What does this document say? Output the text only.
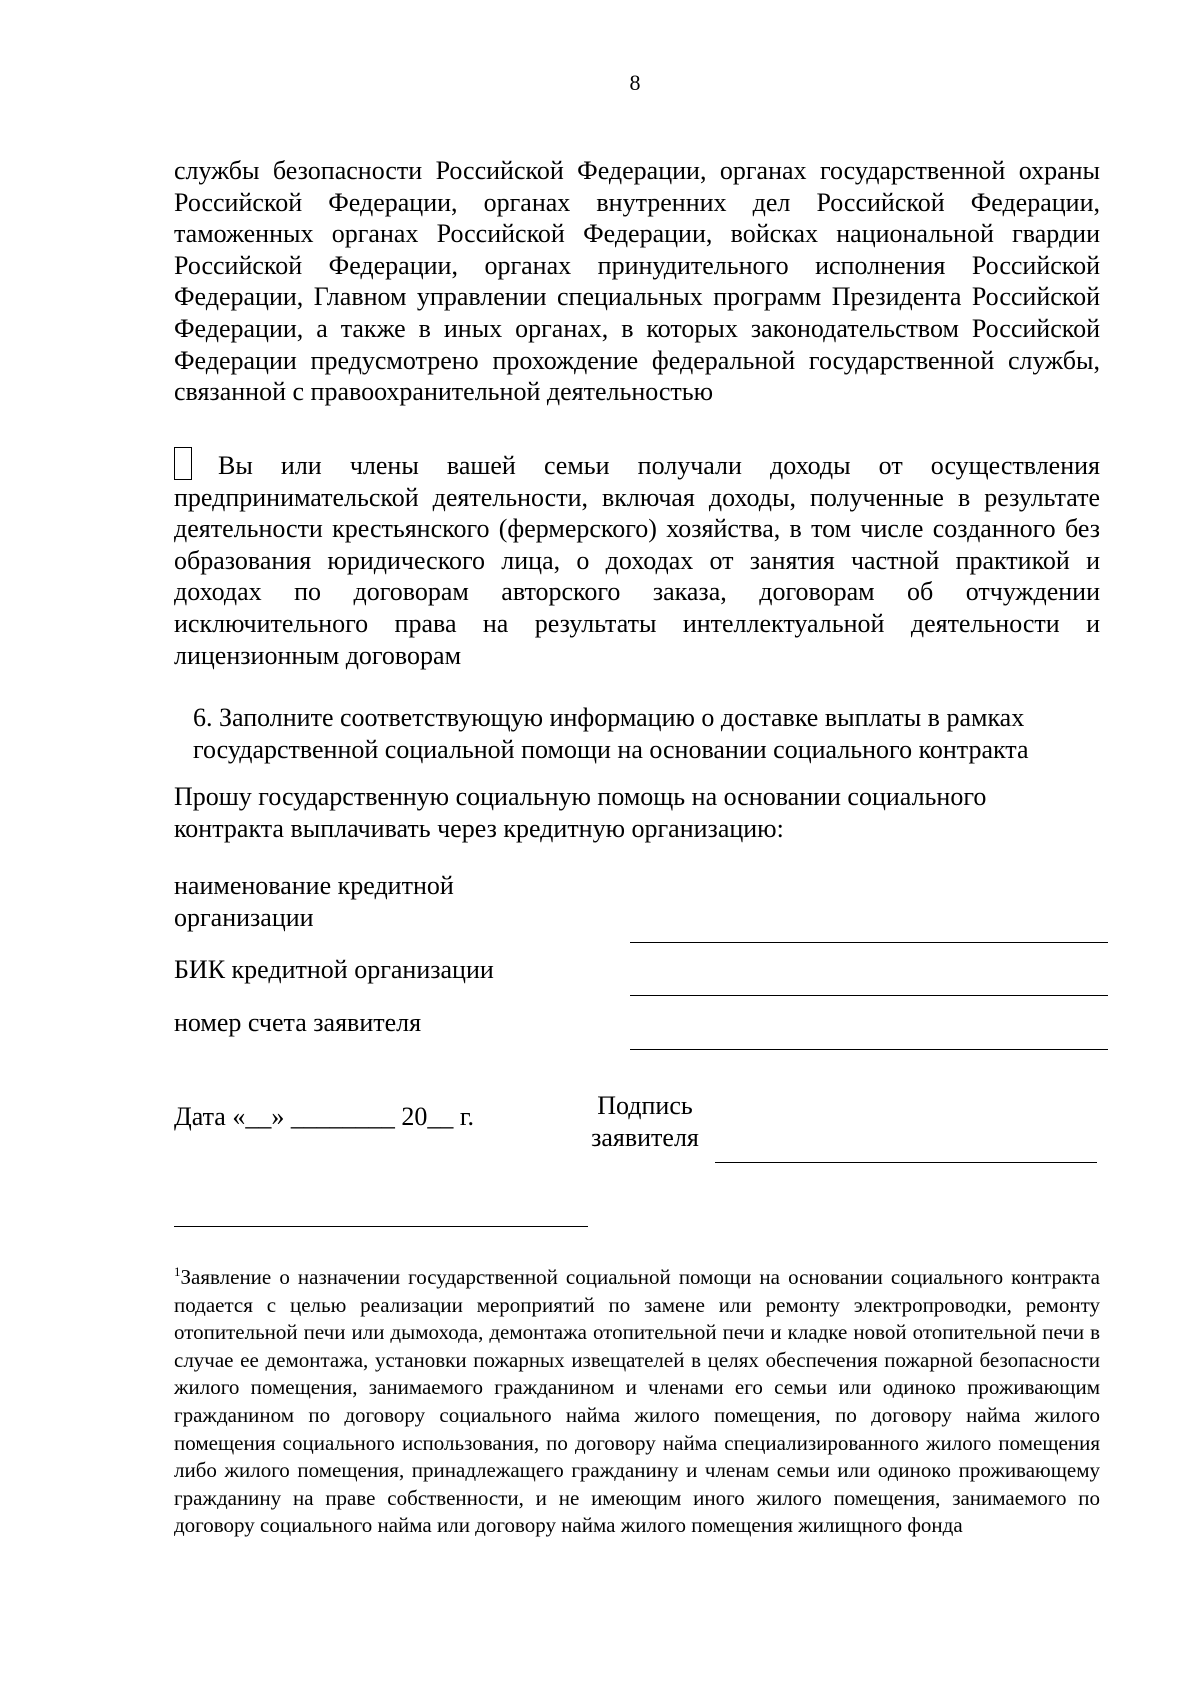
8
службы безопасности Российской Федерации, органах государственной охраны Российской Федерации, органах внутренних дел Российской Федерации, таможенных органах Российской Федерации, войсках национальной гвардии Российской Федерации, органах принудительного исполнения Российской Федерации, Главном управлении специальных программ Президента Российской Федерации, а также в иных органах, в которых законодательством Российской Федерации предусмотрено прохождение федеральной государственной службы, связанной с правоохранительной деятельностью
Вы или члены вашей семьи получали доходы от осуществления предпринимательской деятельности, включая доходы, полученные в результате деятельности крестьянского (фермерского) хозяйства, в том числе созданного без образования юридического лица, о доходах от занятия частной практикой и доходах по договорам авторского заказа, договорам об отчуждении исключительного права на результаты интеллектуальной деятельности и лицензионным договорам
6. Заполните соответствующую информацию о доставке выплаты в рамках государственной социальной помощи на основании социального контракта
Прошу государственную социальную помощь на основании социального контракта выплачивать через кредитную организацию:
наименование кредитной организации
БИК кредитной организации
номер счета заявителя
Дата «__» ________ 20__ г.	Подпись заявителя
$^1$Заявление о назначении государственной социальной помощи на основании социального контракта подается с целью реализации мероприятий по замене или ремонту электропроводки, ремонту отопительной печи или дымохода, демонтажа отопительной печи и кладке новой отопительной печи в случае ее демонтажа, установки пожарных извещателей в целях обеспечения пожарной безопасности жилого помещения, занимаемого гражданином и членами его семьи или одиноко проживающим гражданином по договору социального найма жилого помещения, по договору найма жилого помещения социального использования, по договору найма специализированного жилого помещения либо жилого помещения, принадлежащего гражданину и членам семьи или одиноко проживающему гражданину на праве собственности, и не имеющим иного жилого помещения, занимаемого по договору социального найма или договору найма жилого помещения жилищного фонда
